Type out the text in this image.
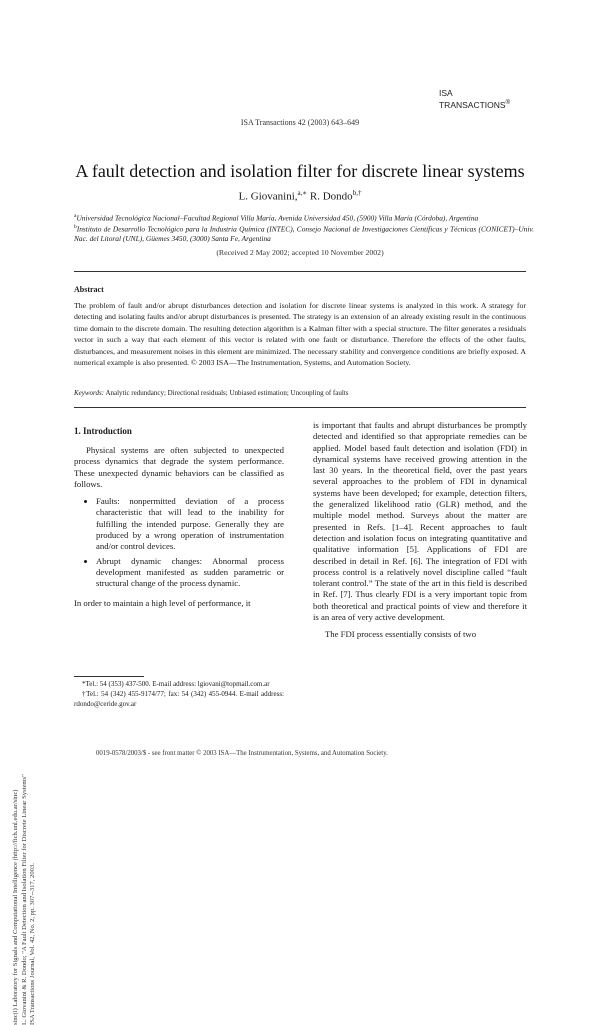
ISA
TRANSACTIONS®
ISA Transactions 42 (2003) 643–649
A fault detection and isolation filter for discrete linear systems
L. Giovanini,$^{a,∗}$ R. Dondo$^{b,\dagger}$
$^a$Universidad Tecnológica Nacional–Facultad Regional Villa María, Avenida Universidad 450, (5900) Villa María (Córdoba), Argentina
$^b$Instituto de Desarrollo Tecnológico para la Industria Química (INTEC), Consejo Nacional de Investigaciones Científicas y Técnicas (CONICET)–Univ. Nac. del Litoral (UNL), Güemes 3450, (3000) Santa Fe, Argentina
(Received 2 May 2002; accepted 10 November 2002)
Abstract
The problem of fault and/or abrupt disturbances detection and isolation for discrete linear systems is analyzed in this work. A strategy for detecting and isolating faults and/or abrupt disturbances is presented. The strategy is an extension of an already existing result in the continuous time domain to the discrete domain. The resulting detection algorithm is a Kalman filter with a special structure. The filter generates a residuals vector in such a way that each element of this vector is related with one fault or disturbance. Therefore the effects of the other faults, disturbances, and measurement noises in this element are minimized. The necessary stability and convergence conditions are briefly exposed. A numerical example is also presented. © 2003 ISA—The Instrumentation, Systems, and Automation Society.
Keywords: Analytic redundancy; Directional residuals; Unbiased estimation; Uncoupling of faults
1. Introduction

Physical systems are often subjected to unexpected process dynamics that degrade the system performance. These unexpected dynamic behaviors can be classified as follows.

• Faults: nonpermitted deviation of a process characteristic that will lead to the inability for fulfilling the intended purpose. Generally they are produced by a wrong operation of instrumentation and/or control devices.
• Abrupt dynamic changes: Abnormal process development manifested as sudden parametric or structural change of the process dynamic.

In order to maintain a high level of performance, it

is important that faults and abrupt disturbances be promptly detected and identified so that appropriate remedies can be applied. Model based fault detection and isolation (FDI) in dynamical systems have received growing attention in the last 30 years. In the theoretical field, over the past years several approaches to the problem of FDI in dynamical systems have been developed; for example, detection filters, the generalized likelihood ratio (GLR) method, and the multiple model method. Surveys about the matter are presented in Refs. [1–4]. Recent approaches to fault detection and isolation focus on integrating quantitative and qualitative information [5]. Applications of FDI are described in detail in Ref. [6]. The integration of FDI with process control is a relatively novel discipline called “fault tolerant control.” The state of the art in this field is described in Ref. [7]. Thus clearly FDI is a very important topic from both theoretical and practical points of view and therefore it is an area of very active development.

The FDI process essentially consists of two

*Tel.: 54 (353) 437-500. E-mail address: lgiovani@topmail.com.ar

†Tel.: 54 (342) 455-9174/77; fax: 54 (342) 455-0944. E-mail address: rdondo@ceride.gov.ar

0019-0578/2003/$ - see front matter © 2003 ISA—The Instrumentation, Systems, and Automation Society.
sinc(i) Laboratory for Signals and Computational Intelligence (http://fich.unl.edu.ar/sinc) L. Giovanini & R. Dondo; "A Fault Detection and Isolation Filter for Discrete Linear Systems" ISA Transactions Journal, Vol. 42, No. 2, pp. 307--317, 2003.
